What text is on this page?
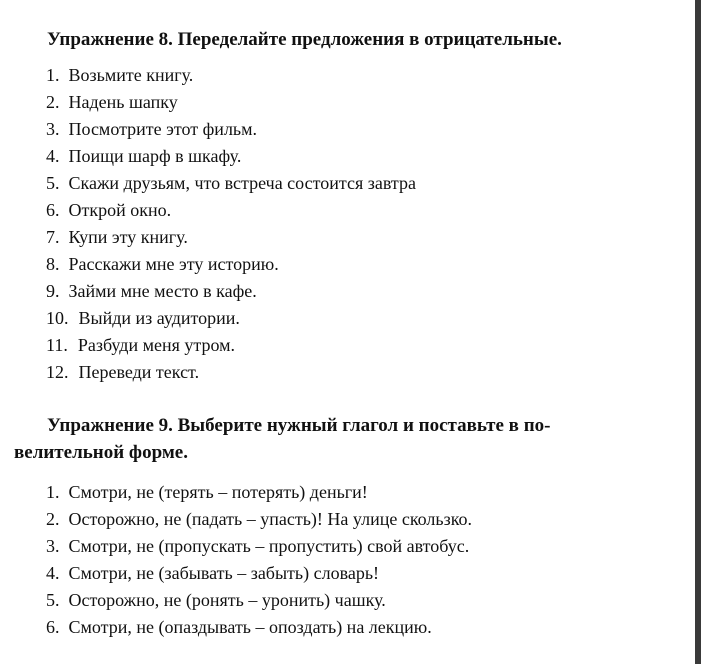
Упражнение 8. Переделайте предложения в отрицательные.
1. Возьмите книгу.
2. Надень шапку
3. Посмотрите этот фильм.
4. Поищи шарф в шкафу.
5. Скажи друзьям, что встреча состоится завтра
6. Открой окно.
7. Купи эту книгу.
8. Расскажи мне эту историю.
9. Займи мне место в кафе.
10. Выйди из аудитории.
11. Разбуди меня утром.
12. Переведи текст.
Упражнение 9. Выберите нужный глагол и поставьте в по-
велительной форме.
1. Смотри, не (терять – потерять) деньги!
2. Осторожно, не (падать – упасть)! На улице скользко.
3. Смотри, не (пропускать – пропустить) свой автобус.
4. Смотри, не (забывать – забыть) словарь!
5. Осторожно, не (ронять – уронить) чашку.
6. Смотри, не (опаздывать – опоздать) на лекцию.
